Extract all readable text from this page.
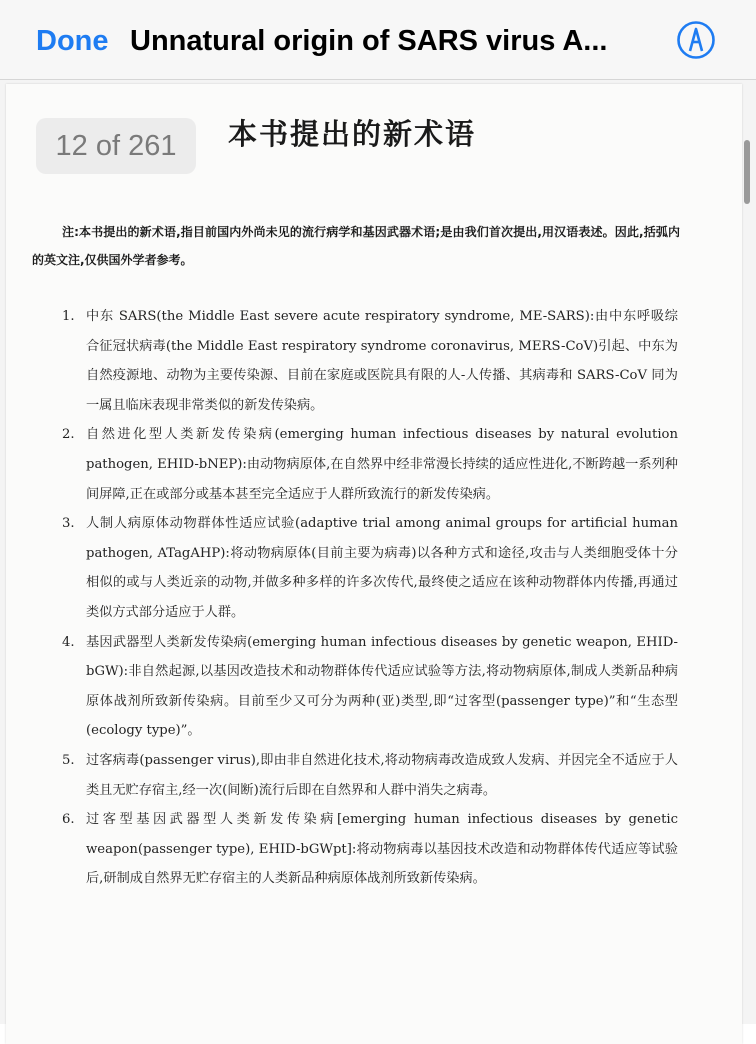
Done Unnatural origin of SARS virus A...
本书提出的新术语
12 of 261
注:本书提出的新术语,指目前国内外尚未见的流行病学和基因武器术语;是由我们首次提出,用汉语表述。因此,括弧内的英文注,仅供国外学者参考。
1. 中东 SARS(the Middle East severe acute respiratory syndrome, ME-SARS):由中东呼吸综合征冠状病毒(the Middle East respiratory syndrome coronavirus, MERS-CoV)引起、中东为自然疫源地、动物为主要传染源、目前在家庭或医院具有限的人-人传播、其病毒和 SARS-CoV 同为一属且临床表现非常类似的新发传染病。
2. 自然进化型人类新发传染病(emerging human infectious diseases by natural evolution pathogen, EHID-bNEP):由动物病原体,在自然界中经非常漫长持续的适应性进化,不断跨越一系列种间屏障,正在或部分或基本甚至完全适应于人群所致流行的新发传染病。
3. 人制人病原体动物群体性适应试验(adaptive trial among animal groups for artificial human pathogen, ATagAHP):将动物病原体(目前主要为病毒)以各种方式和途径,攻击与人类细胞受体十分相似的或与人类近亲的动物,并做多种多样的许多次传代,最终使之适应在该种动物群体内传播,再通过类似方式部分适应于人群。
4. 基因武器型人类新发传染病(emerging human infectious diseases by genetic weapon, EHID-bGW):非自然起源,以基因改造技术和动物群体传代适应试验等方法,将动物病原体,制成人类新品种病原体战剂所致新传染病。目前至少又可分为两种(亚)类型,即“过客型(passenger type)”和“生态型(ecology type)”。
5. 过客病毒(passenger virus),即由非自然进化技术,将动物病毒改造成致人发病、并因完全不适应于人类且无贮存宿主,经一次(间断)流行后即在自然界和人群中消失之病毒。
6. 过客型基因武器型人类新发传染病[emerging human infectious diseases by genetic weapon(passenger type), EHID-bGWpt]:将动物病毒以基因技术改造和动物群体传代适应等试验后,研制成自然界无贮存宿主的人类新品种病原体战剂所致新传染病。
